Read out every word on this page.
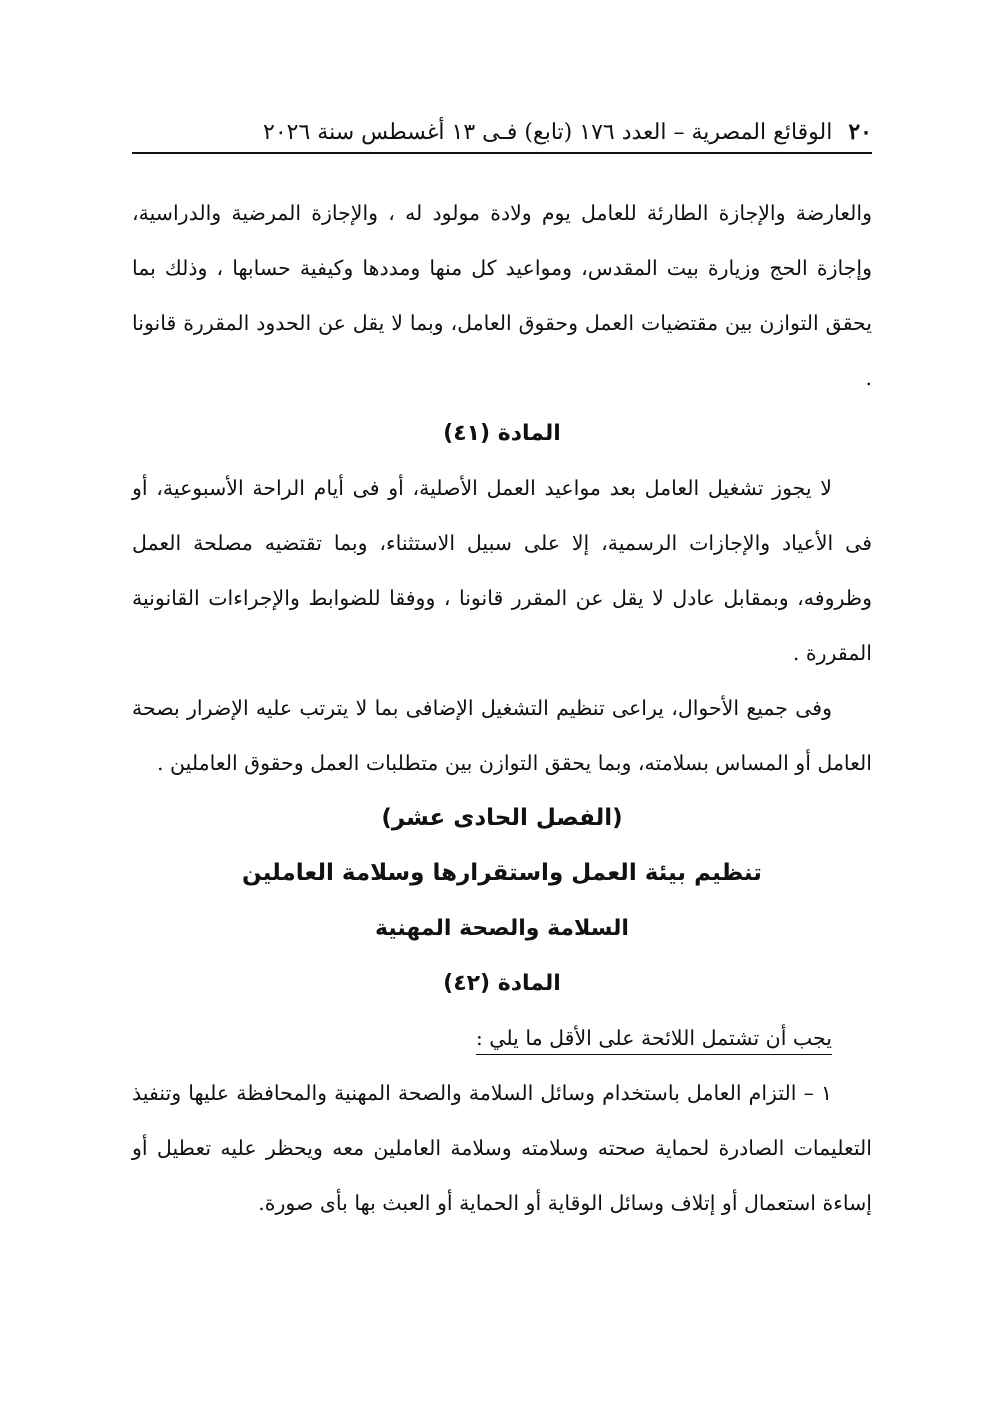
٢٠
الوقائع المصرية – العدد ١٧٦ (تابع) فـى ١٣ أغسطس سنة ٢٠٢٦

والعارضة والإجازة الطارئة للعامل يوم ولادة مولود له ، والإجازة المرضية والدراسية، وإجازة الحج وزيارة بيت المقدس، ومواعيد كل منها ومددها وكيفية حسابها ، وذلك بما يحقق التوازن بين مقتضيات العمل وحقوق العامل، وبما لا يقل عن الحدود المقررة قانونا .

المادة (٤١)

لا يجوز تشغيل العامل بعد مواعيد العمل الأصلية، أو فى أيام الراحة الأسبوعية، أو فى الأعياد والإجازات الرسمية، إلا على سبيل الاستثناء، وبما تقتضيه مصلحة العمل وظروفه، وبمقابل عادل لا يقل عن المقرر قانونا ، ووفقا للضوابط والإجراءات القانونية المقررة .

وفى جميع الأحوال، يراعى تنظيم التشغيل الإضافى بما لا يترتب عليه الإضرار بصحة العامل أو المساس بسلامته، وبما يحقق التوازن بين متطلبات العمل وحقوق العاملين .

(الفصل الحادى عشر)

تنظيم بيئة العمل واستقرارها وسلامة العاملين

السلامة والصحة المهنية

المادة (٤٢)

يجب أن تشتمل اللائحة على الأقل ما يلي :

١ – التزام العامل باستخدام وسائل السلامة والصحة المهنية والمحافظة عليها وتنفيذ التعليمات الصادرة لحماية صحته وسلامته وسلامة العاملين معه ويحظر عليه تعطيل أو إساءة استعمال أو إتلاف وسائل الوقاية أو الحماية أو العبث بها بأى صورة.
